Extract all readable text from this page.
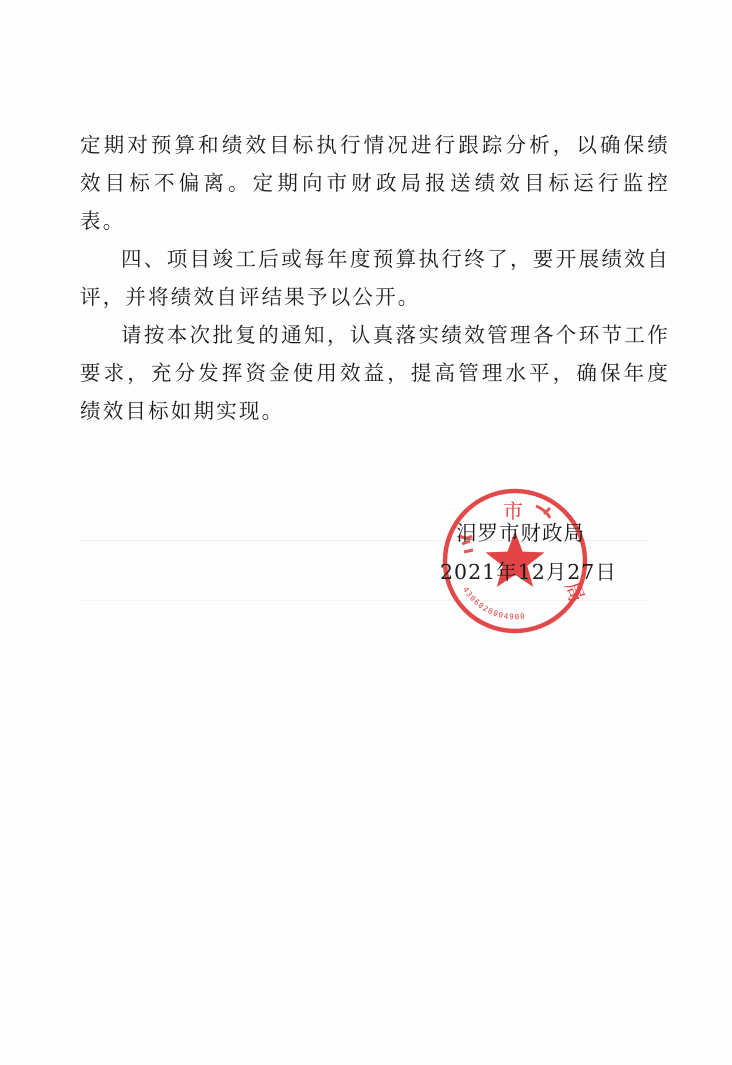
定期对预算和绩效目标执行情况进行跟踪分析，以确保绩效目标不偏离。定期向市财政局报送绩效目标运行监控表。

四、项目竣工后或每年度预算执行终了，要开展绩效自评，并将绩效自评结果予以公开。

请按本次批复的通知，认真落实绩效管理各个环节工作要求，充分发挥资金使用效益，提高管理水平，确保年度绩效目标如期实现。

市
局
4306020004900
汨罗市财政局
2021年12月27日
